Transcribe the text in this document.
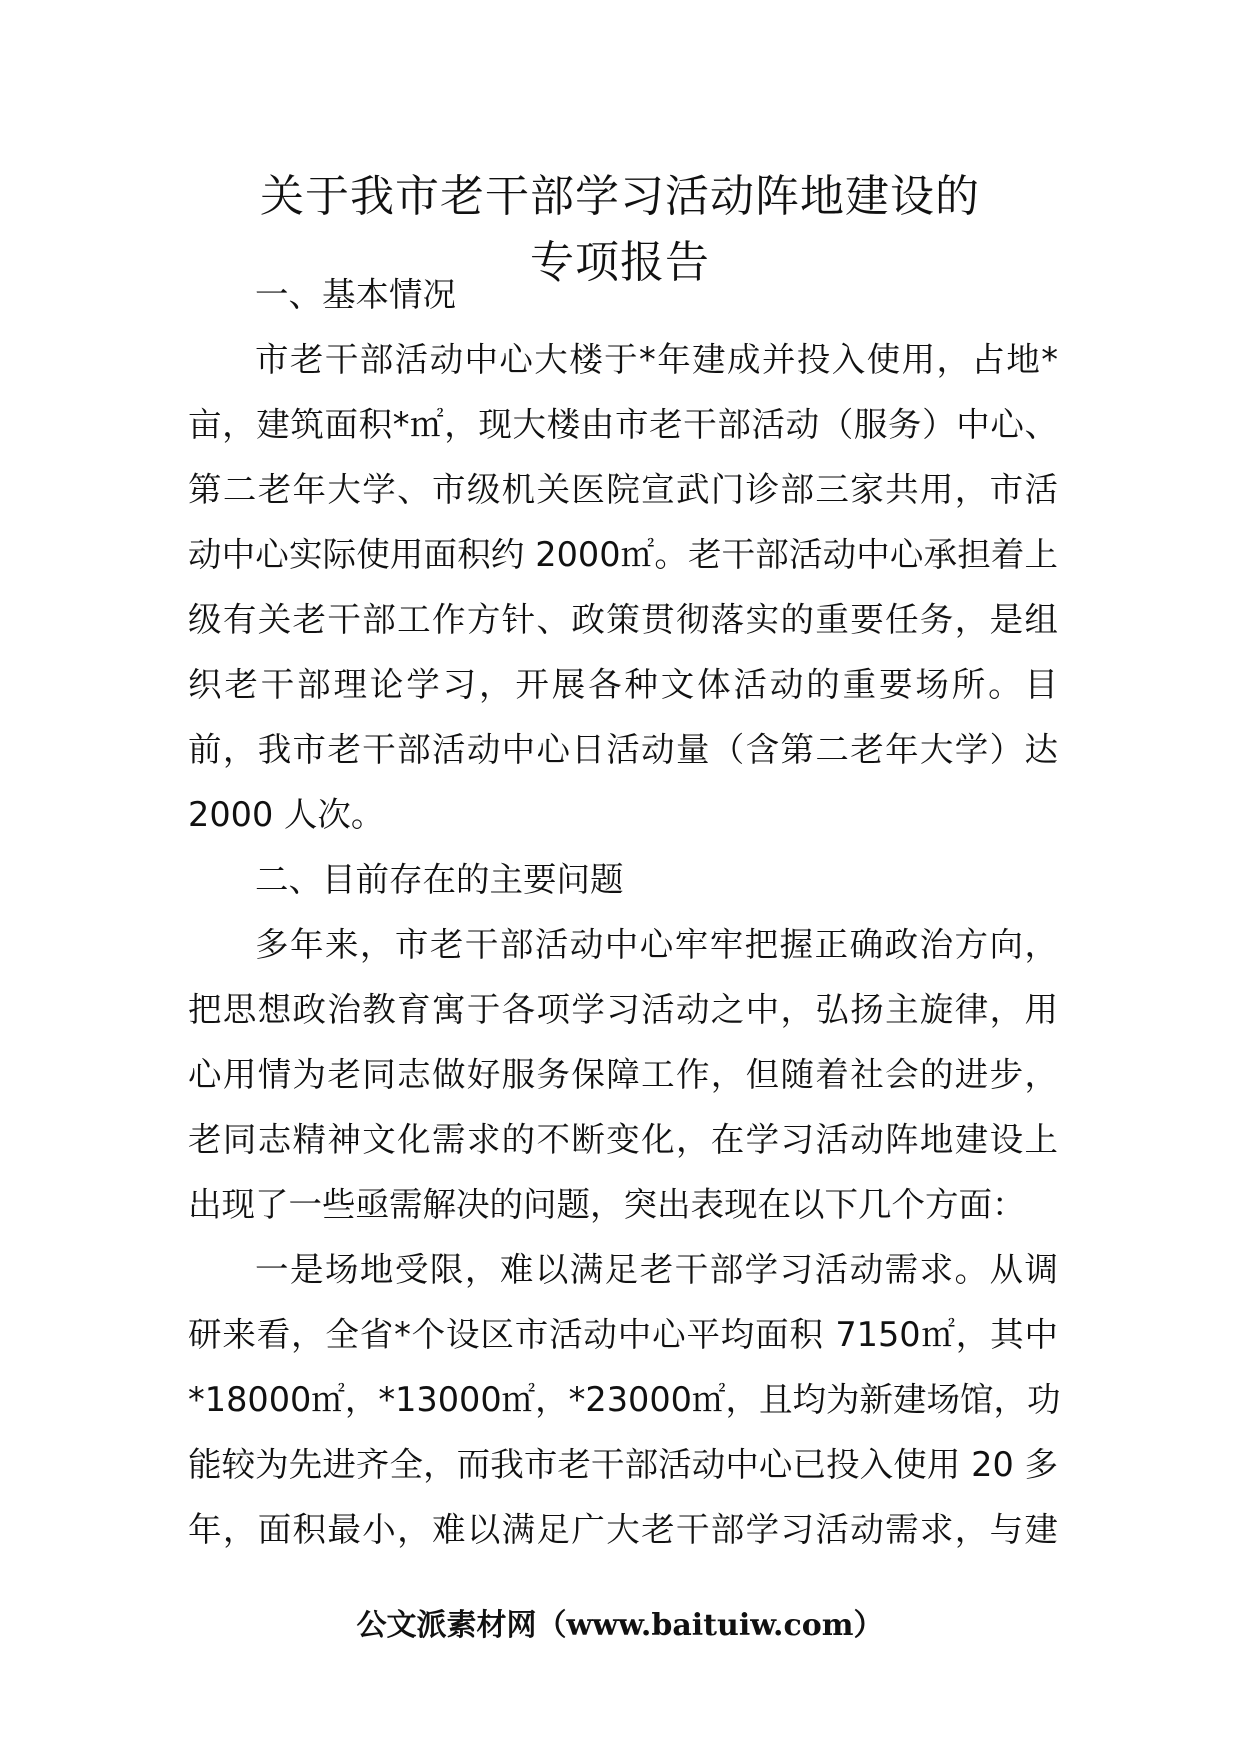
关于我市老干部学习活动阵地建设的
专项报告
一、基本情况
市老干部活动中心大楼于*年建成并投入使用，占地*
亩，建筑面积*㎡，现大楼由市老干部活动（服务）中心、
第二老年大学、市级机关医院宣武门诊部三家共用，市活
动中心实际使用面积约 2000㎡。老干部活动中心承担着上
级有关老干部工作方针、政策贯彻落实的重要任务，是组
织老干部理论学习，开展各种文体活动的重要场所。目
前，我市老干部活动中心日活动量（含第二老年大学）达
2000 人次。
二、目前存在的主要问题
多年来，市老干部活动中心牢牢把握正确政治方向，
把思想政治教育寓于各项学习活动之中，弘扬主旋律，用
心用情为老同志做好服务保障工作，但随着社会的进步，
老同志精神文化需求的不断变化，在学习活动阵地建设上
出现了一些亟需解决的问题，突出表现在以下几个方面：
一是场地受限，难以满足老干部学习活动需求。从调
研来看，全省*个设区市活动中心平均面积 7150㎡，其中
*18000㎡，*13000㎡，*23000㎡，且均为新建场馆，功
能较为先进齐全，而我市老干部活动中心已投入使用 20 多
年，面积最小，难以满足广大老干部学习活动需求，与建
公文派素材网（www.baituiw.com）
